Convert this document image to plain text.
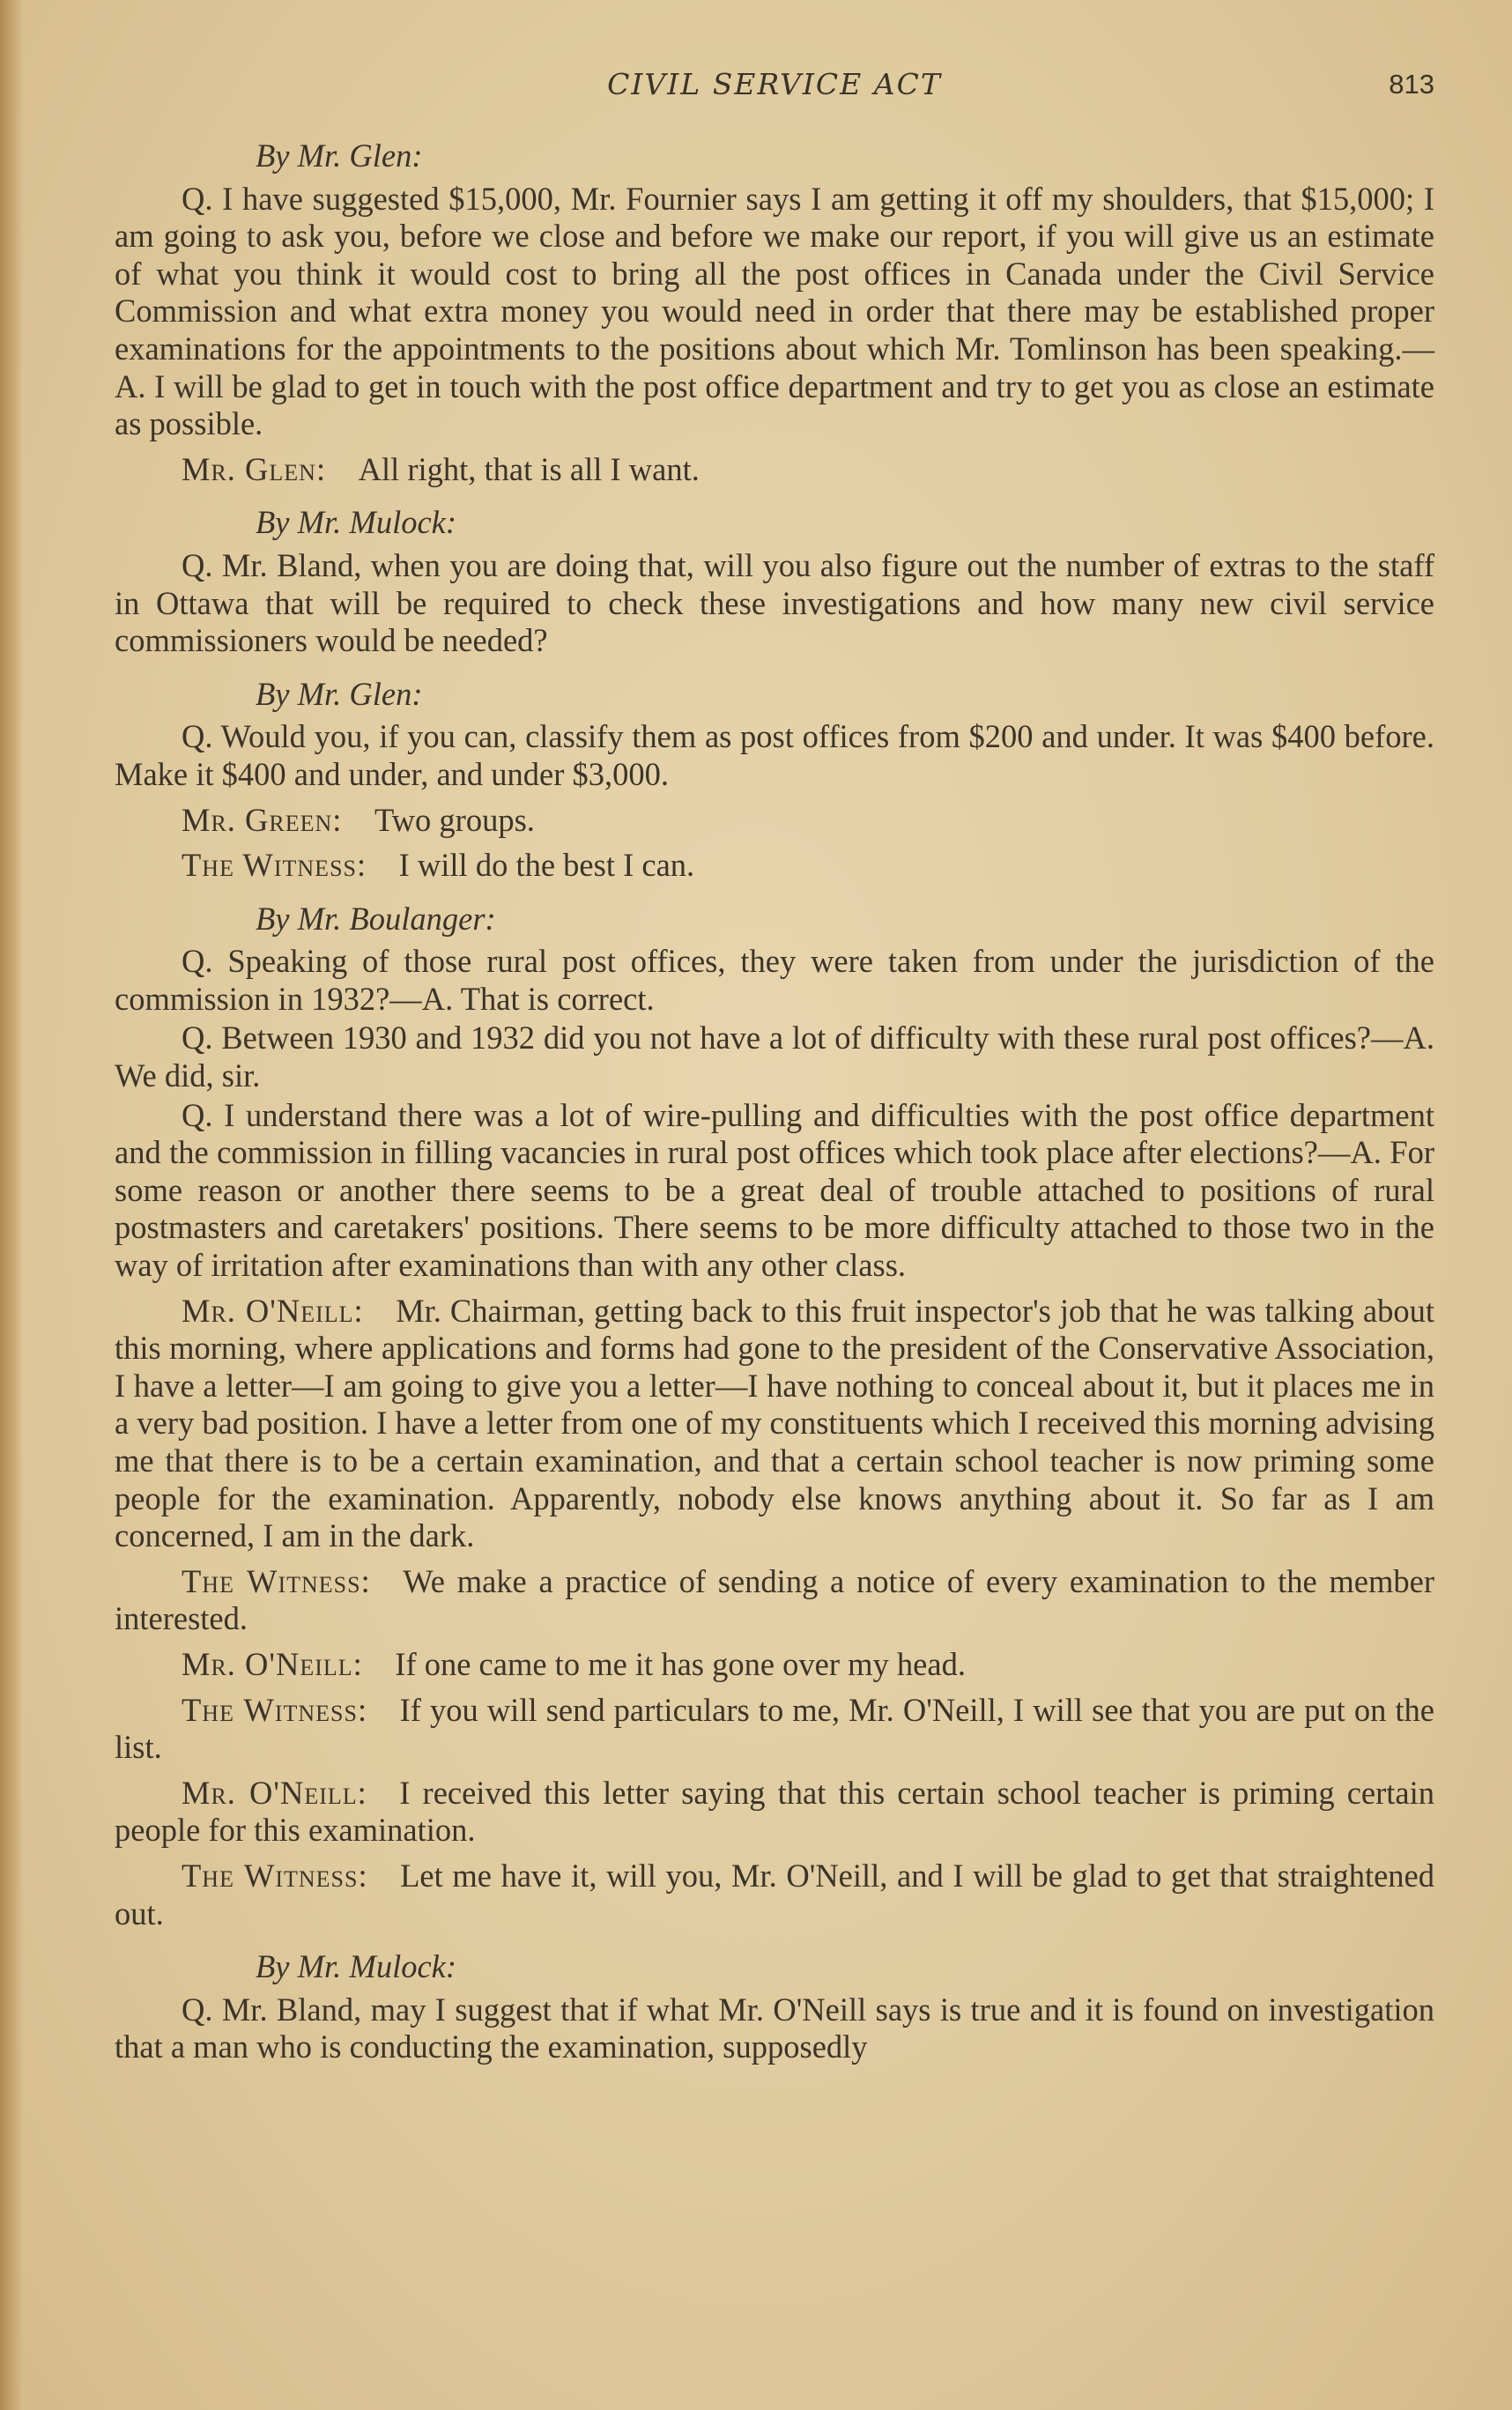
CIVIL SERVICE ACT	813

By Mr. Glen:

Q. I have suggested $15,000, Mr. Fournier says I am getting it off my shoulders, that $15,000; I am going to ask you, before we close and before we make our report, if you will give us an estimate of what you think it would cost to bring all the post offices in Canada under the Civil Service Commission and what extra money you would need in order that there may be established proper examinations for the appointments to the positions about which Mr. Tomlinson has been speaking.—A. I will be glad to get in touch with the post office department and try to get you as close an estimate as possible.

Mr. Glen:  All right, that is all I want.

By Mr. Mulock:

Q. Mr. Bland, when you are doing that, will you also figure out the number of extras to the staff in Ottawa that will be required to check these investigations and how many new civil service commissioners would be needed?

By Mr. Glen:

Q. Would you, if you can, classify them as post offices from $200 and under. It was $400 before. Make it $400 and under, and under $3,000.

Mr. Green:  Two groups.

The Witness:  I will do the best I can.

By Mr. Boulanger:

Q. Speaking of those rural post offices, they were taken from under the jurisdiction of the commission in 1932?—A. That is correct.

Q. Between 1930 and 1932 did you not have a lot of difficulty with these rural post offices?—A. We did, sir.

Q. I understand there was a lot of wire-pulling and difficulties with the post office department and the commission in filling vacancies in rural post offices which took place after elections?—A. For some reason or another there seems to be a great deal of trouble attached to positions of rural postmasters and caretakers' positions. There seems to be more difficulty attached to those two in the way of irritation after examinations than with any other class.

Mr. O'Neill:  Mr. Chairman, getting back to this fruit inspector's job that he was talking about this morning, where applications and forms had gone to the president of the Conservative Association, I have a letter—I am going to give you a letter—I have nothing to conceal about it, but it places me in a very bad position. I have a letter from one of my constituents which I received this morning advising me that there is to be a certain examination, and that a certain school teacher is now priming some people for the examination. Apparently, nobody else knows anything about it. So far as I am concerned, I am in the dark.

The Witness:  We make a practice of sending a notice of every examination to the member interested.

Mr. O'Neill:  If one came to me it has gone over my head.

The Witness:  If you will send particulars to me, Mr. O'Neill, I will see that you are put on the list.

Mr. O'Neill:  I received this letter saying that this certain school teacher is priming certain people for this examination.

The Witness:  Let me have it, will you, Mr. O'Neill, and I will be glad to get that straightened out.

By Mr. Mulock:

Q. Mr. Bland, may I suggest that if what Mr. O'Neill says is true and it is found on investigation that a man who is conducting the examination, supposedly
